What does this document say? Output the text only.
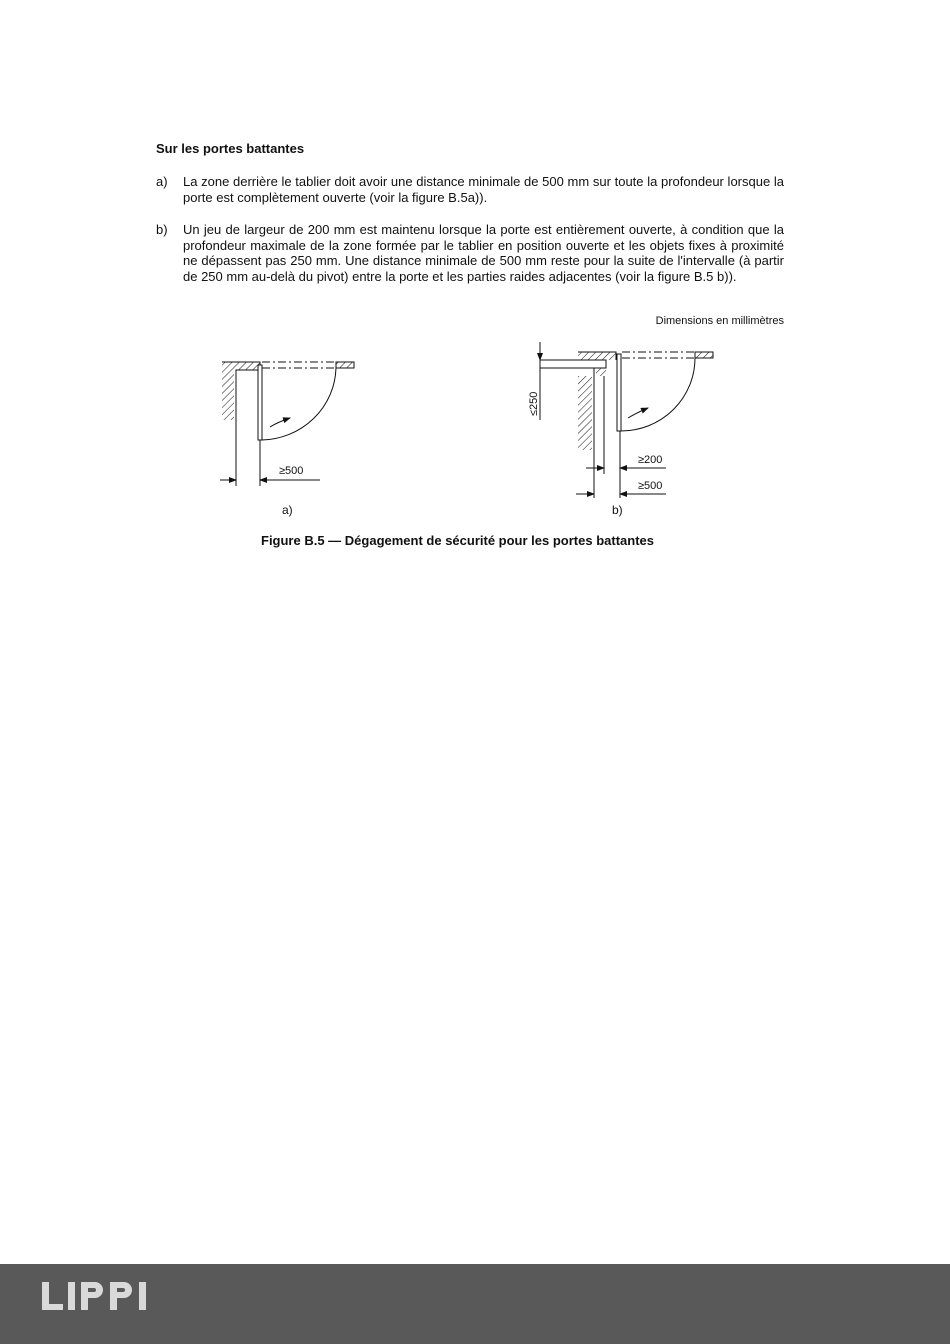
Sur les portes battantes
a) La zone derrière le tablier doit avoir une distance minimale de 500 mm sur toute la profondeur lorsque la porte est complètement ouverte (voir la figure B.5a)).
b) Un jeu de largeur de 200 mm est maintenu lorsque la porte est entièrement ouverte, à condition que la profondeur maximale de la zone formée par le tablier en position ouverte et les objets fixes à proximité ne dépassent pas 250 mm. Une distance minimale de 500 mm reste pour la suite de l'intervalle (à partir de 250 mm au-delà du pivot) entre la porte et les parties raides adjacentes (voir la figure B.5 b)).
Dimensions en millimètres
≥500
a)
≤250
≥200
≥500
b)
Figure B.5 — Dégagement de sécurité pour les portes battantes
